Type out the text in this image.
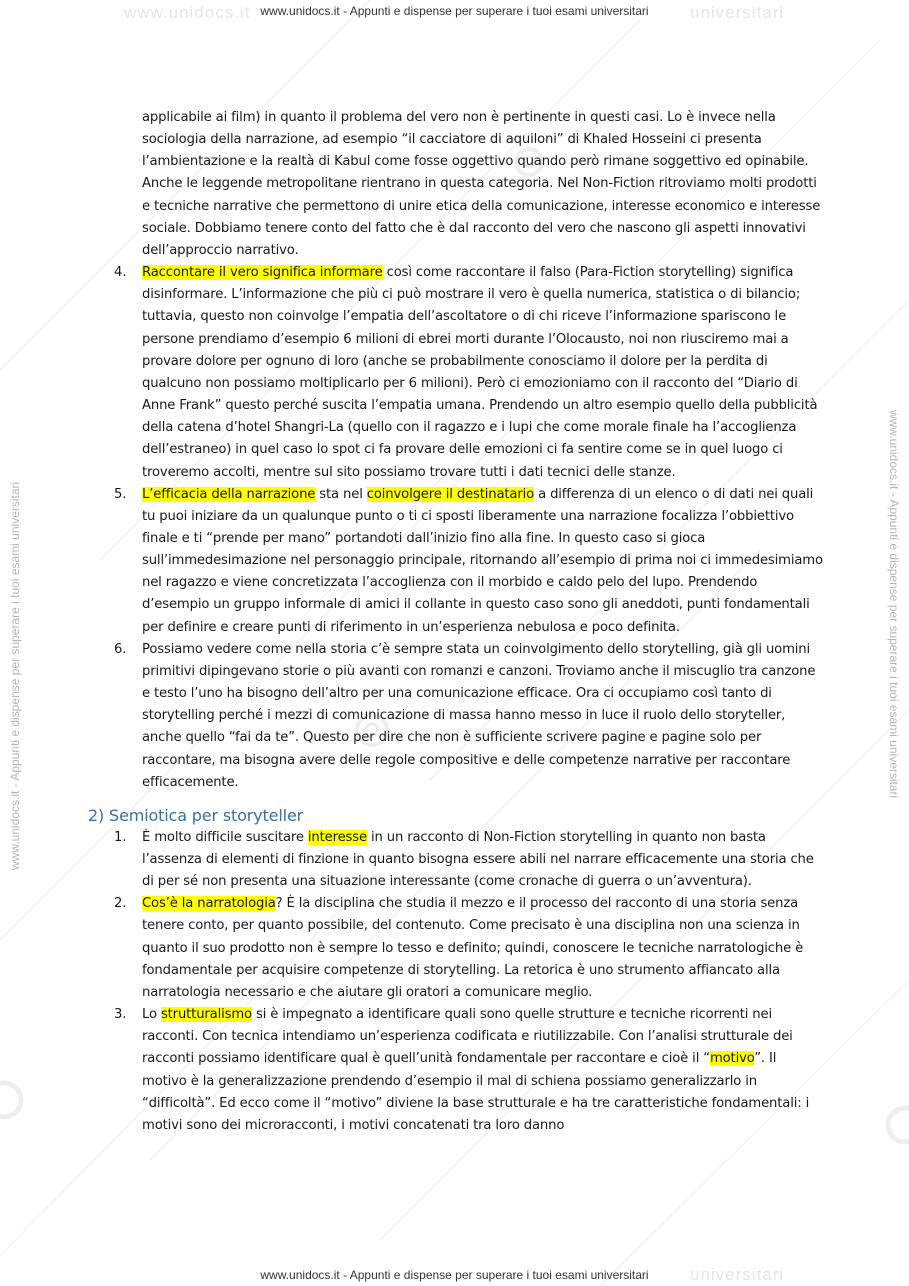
www.unidocs.it	universitari
universitari
www.unidocs.it - Appunti e dispense per superare i tuoi esami universitari
www.unidocs.it - Appunti e dispense per superare i tuoi esami universitari
www.unidocs.it - Appunti e dispense per superare i tuoi esami universitari	www.unidocs.it - Appunti e dispense per superare i tuoi esami universitari

applicabile ai film) in quanto il problema del vero non è pertinente in questi casi. Lo è invece nella sociologia della narrazione, ad esempio “il cacciatore di aquiloni” di Khaled Hosseini ci presenta l’ambientazione e la realtà di Kabul come fosse oggettivo quando però rimane soggettivo ed opinabile. Anche le leggende metropolitane rientrano in questa categoria. Nel Non-Fiction ritroviamo molti prodotti e tecniche narrative che permettono di unire etica della comunicazione, interesse economico e interesse sociale. Dobbiamo tenere conto del fatto che è dal racconto del vero che nascono gli aspetti innovativi dell’approccio narrativo.

4. Raccontare il vero significa informare così come raccontare il falso (Para-Fiction storytelling) significa disinformare. L’informazione che più ci può mostrare il vero è quella numerica, statistica o di bilancio; tuttavia, questo non coinvolge l’empatia dell’ascoltatore o di chi riceve l’informazione spariscono le persone prendiamo d’esempio 6 milioni di ebrei morti durante l’Olocausto, noi non riusciremo mai a provare dolore per ognuno di loro (anche se probabilmente conosciamo il dolore per la perdita di qualcuno non possiamo moltiplicarlo per 6 milioni). Però ci emozioniamo con il racconto del “Diario di Anne Frank” questo perché suscita l’empatia umana. Prendendo un altro esempio quello della pubblicità della catena d’hotel Shangri-La (quello con il ragazzo e i lupi che come morale finale ha l’accoglienza dell’estraneo) in quel caso lo spot ci fa provare delle emozioni ci fa sentire come se in quel luogo ci troveremo accolti, mentre sul sito possiamo trovare tutti i dati tecnici delle stanze.

5. L’efficacia della narrazione sta nel coinvolgere il destinatario a differenza di un elenco o di dati nei quali tu puoi iniziare da un qualunque punto o ti ci sposti liberamente una narrazione focalizza l’obbiettivo finale e ti “prende per mano” portandoti dall’inizio fino alla fine. In questo caso si gioca sull’immedesimazione nel personaggio principale, ritornando all’esempio di prima noi ci immedesimiamo nel ragazzo e viene concretizzata l’accoglienza con il morbido e caldo pelo del lupo. Prendendo d’esempio un gruppo informale di amici il collante in questo caso sono gli aneddoti, punti fondamentali per definire e creare punti di riferimento in un’esperienza nebulosa e poco definita.

6. Possiamo vedere come nella storia c’è sempre stata un coinvolgimento dello storytelling, già gli uomini primitivi dipingevano storie o più avanti con romanzi e canzoni. Troviamo anche il miscuglio tra canzone e testo l’uno ha bisogno dell’altro per una comunicazione efficace. Ora ci occupiamo così tanto di storytelling perché i mezzi di comunicazione di massa hanno messo in luce il ruolo dello storyteller, anche quello “fai da te”. Questo per dire che non è sufficiente scrivere pagine e pagine solo per raccontare, ma bisogna avere delle regole compositive e delle competenze narrative per raccontare efficacemente.

2) Semiotica per storyteller

1. È molto difficile suscitare interesse in un racconto di Non-Fiction storytelling in quanto non basta l’assenza di elementi di finzione in quanto bisogna essere abili nel narrare efficacemente una storia che di per sé non presenta una situazione interessante (come cronache di guerra o un’avventura).

2. Cos’è la narratologia? È la disciplina che studia il mezzo e il processo del racconto di una storia senza tenere conto, per quanto possibile, del contenuto. Come precisato è una disciplina non una scienza in quanto il suo prodotto non è sempre lo tesso e definito; quindi, conoscere le tecniche narratologiche è fondamentale per acquisire competenze di storytelling. La retorica è uno strumento affiancato alla narratologia necessario e che aiutare gli oratori a comunicare meglio.

3. Lo strutturalismo si è impegnato a identificare quali sono quelle strutture e tecniche ricorrenti nei racconti. Con tecnica intendiamo un’esperienza codificata e riutilizzabile. Con l’analisi strutturale dei racconti possiamo identificare qual è quell’unità fondamentale per raccontare e cioè il “motivo”. Il motivo è la generalizzazione prendendo d’esempio il mal di schiena possiamo generalizzarlo in “difficoltà”. Ed ecco come il “motivo” diviene la base strutturale e ha tre caratteristiche fondamentali: i motivi sono dei microracconti, i motivi concatenati tra loro danno
